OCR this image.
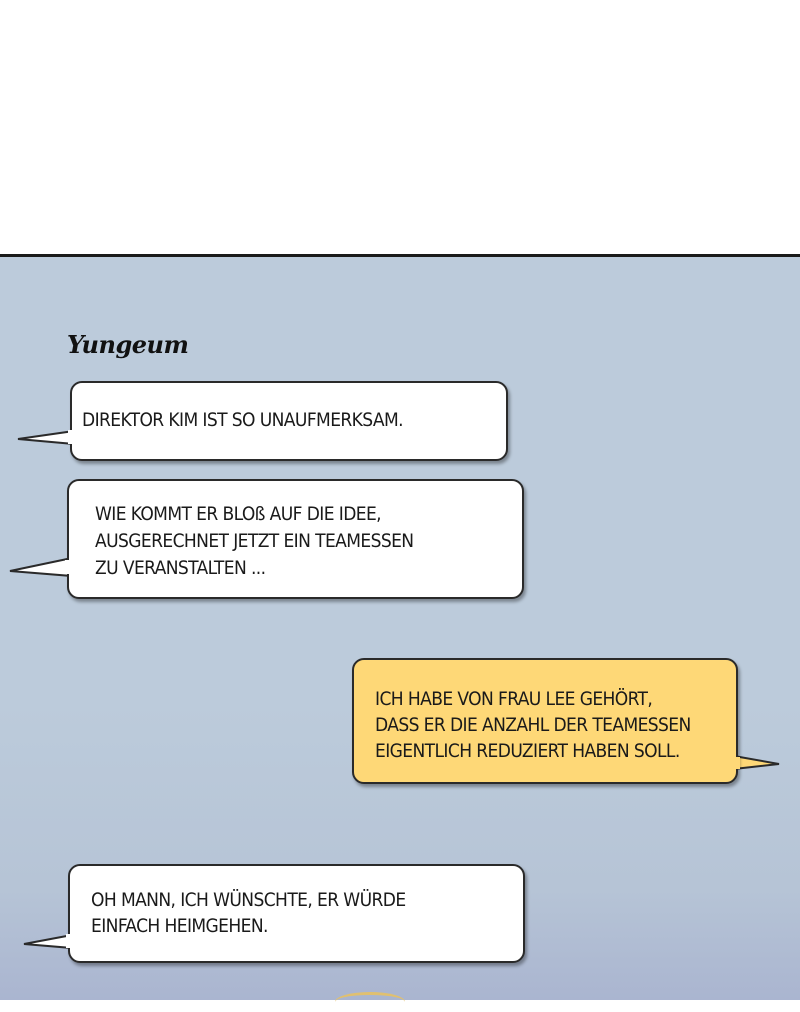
Yungeum
DIREKTOR KIM IST SO UNAUFMERKSAM.
WIE KOMMT ER BLOß AUF DIE IDEE,
AUSGERECHNET JETZT EIN TEAMESSEN
ZU VERANSTALTEN ...
ICH HABE VON FRAU LEE GEHÖRT,
DASS ER DIE ANZAHL DER TEAMESSEN
EIGENTLICH REDUZIERT HABEN SOLL.
OH MANN, ICH WÜNSCHTE, ER WÜRDE
EINFACH HEIMGEHEN.
